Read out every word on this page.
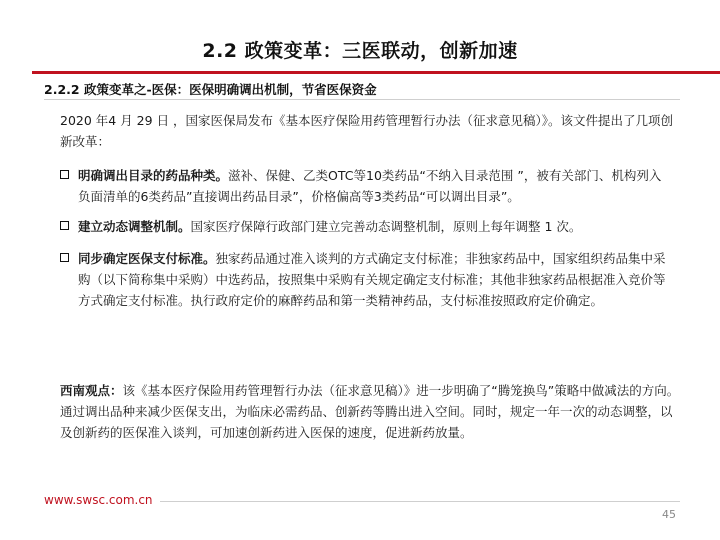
2.2 政策变革：三医联动，创新加速
2.2.2 政策变革之-医保：医保明确调出机制，节省医保资金
2020 年4 月 29 日 ，国家医保局发布《基本医疗保险用药管理暂行办法（征求意见稿）》。该文件提出了几项创新改革：
明确调出目录的药品种类。滋补、保健、乙类OTC等10类药品“不纳入目录范围 ”，被有关部门、机构列入负面清单的6类药品”直接调出药品目录”，价格偏高等3类药品“可以调出目录”。
建立动态调整机制。国家医疗保障行政部门建立完善动态调整机制，原则上每年调整 1 次。
同步确定医保支付标准。独家药品通过准入谈判的方式确定支付标准；非独家药品中，国家组织药品集中采购（以下简称集中采购）中选药品，按照集中采购有关规定确定支付标准；其他非独家药品根据准入竞价等方式确定支付标准。执行政府定价的麻醉药品和第一类精神药品，支付标准按照政府定价确定。
西南观点：该《基本医疗保险用药管理暂行办法（征求意见稿）》进一步明确了“腾笼换鸟”策略中做减法的方向。通过调出品种来减少医保支出，为临床必需药品、创新药等腾出进入空间。同时，规定一年一次的动态调整，以及创新药的医保准入谈判，可加速创新药进入医保的速度，促进新药放量。
www.swsc.com.cn
45
